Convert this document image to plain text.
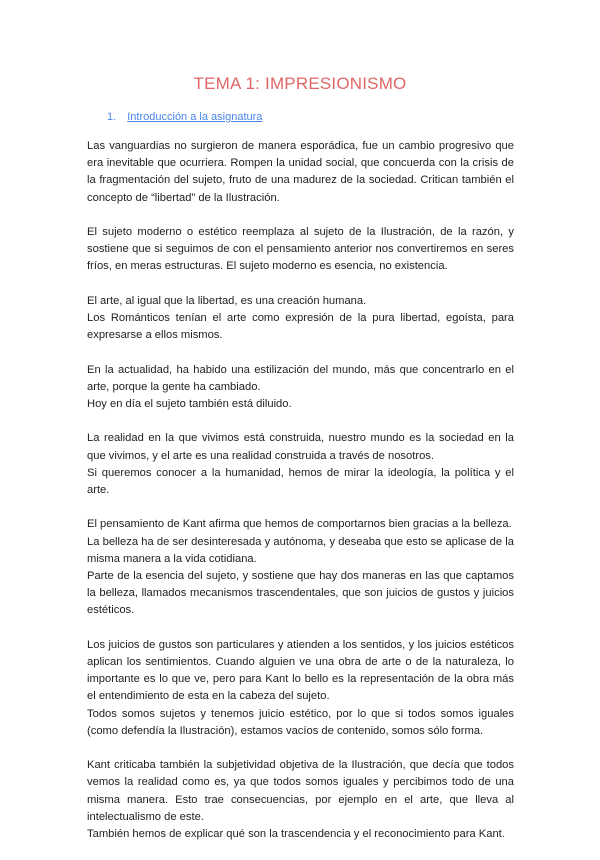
TEMA 1: IMPRESIONISMO
1. Introducción a la asignatura

Las vanguardias no surgieron de manera esporádica, fue un cambio progresivo que era inevitable que ocurriera. Rompen la unidad social, que concuerda con la crisis de la fragmentación del sujeto, fruto de una madurez de la sociedad. Critican también el concepto de “libertad” de la Ilustración.

El sujeto moderno o estético reemplaza al sujeto de la Ilustración, de la razón, y sostiene que si seguimos de con el pensamiento anterior nos convertiremos en seres fríos, en meras estructuras. El sujeto moderno es esencia, no existencia.

El arte, al igual que la libertad, es una creación humana.
Los Románticos tenían el arte como expresión de la pura libertad, egoísta, para expresarse a ellos mismos.

En la actualidad, ha habido una estilización del mundo, más que concentrarlo en el arte, porque la gente ha cambiado.
Hoy en día el sujeto también está diluido.

La realidad en la que vivimos está construida, nuestro mundo es la sociedad en la que vivimos, y el arte es una realidad construida a través de nosotros.
Si queremos conocer a la humanidad, hemos de mirar la ideología, la política y el arte.

El pensamiento de Kant afirma que hemos de comportarnos bien gracias a la belleza.
La belleza ha de ser desinteresada y autónoma, y deseaba que esto se aplicase de la misma manera a la vida cotidiana.
Parte de la esencia del sujeto, y sostiene que hay dos maneras en las que captamos la belleza, llamados mecanismos trascendentales, que son juicios de gustos y juicios estéticos.

Los juicios de gustos son particulares y atienden a los sentidos, y los juicios estéticos aplican los sentimientos. Cuando alguien ve una obra de arte o de la naturaleza, lo importante es lo que ve, pero para Kant lo bello es la representación de la obra más el entendimiento de esta en la cabeza del sujeto.
Todos somos sujetos y tenemos juicio estético, por lo que si todos somos iguales (como defendía la Ilustración), estamos vacíos de contenido, somos sólo forma.

Kant criticaba también la subjetividad objetiva de la Ilustración, que decía que todos vemos la realidad como es, ya que todos somos iguales y percibimos todo de una misma manera. Esto trae consecuencias, por ejemplo en el arte, que lleva al intelectualismo de este.
También hemos de explicar qué son la trascendencia y el reconocimiento para Kant.
